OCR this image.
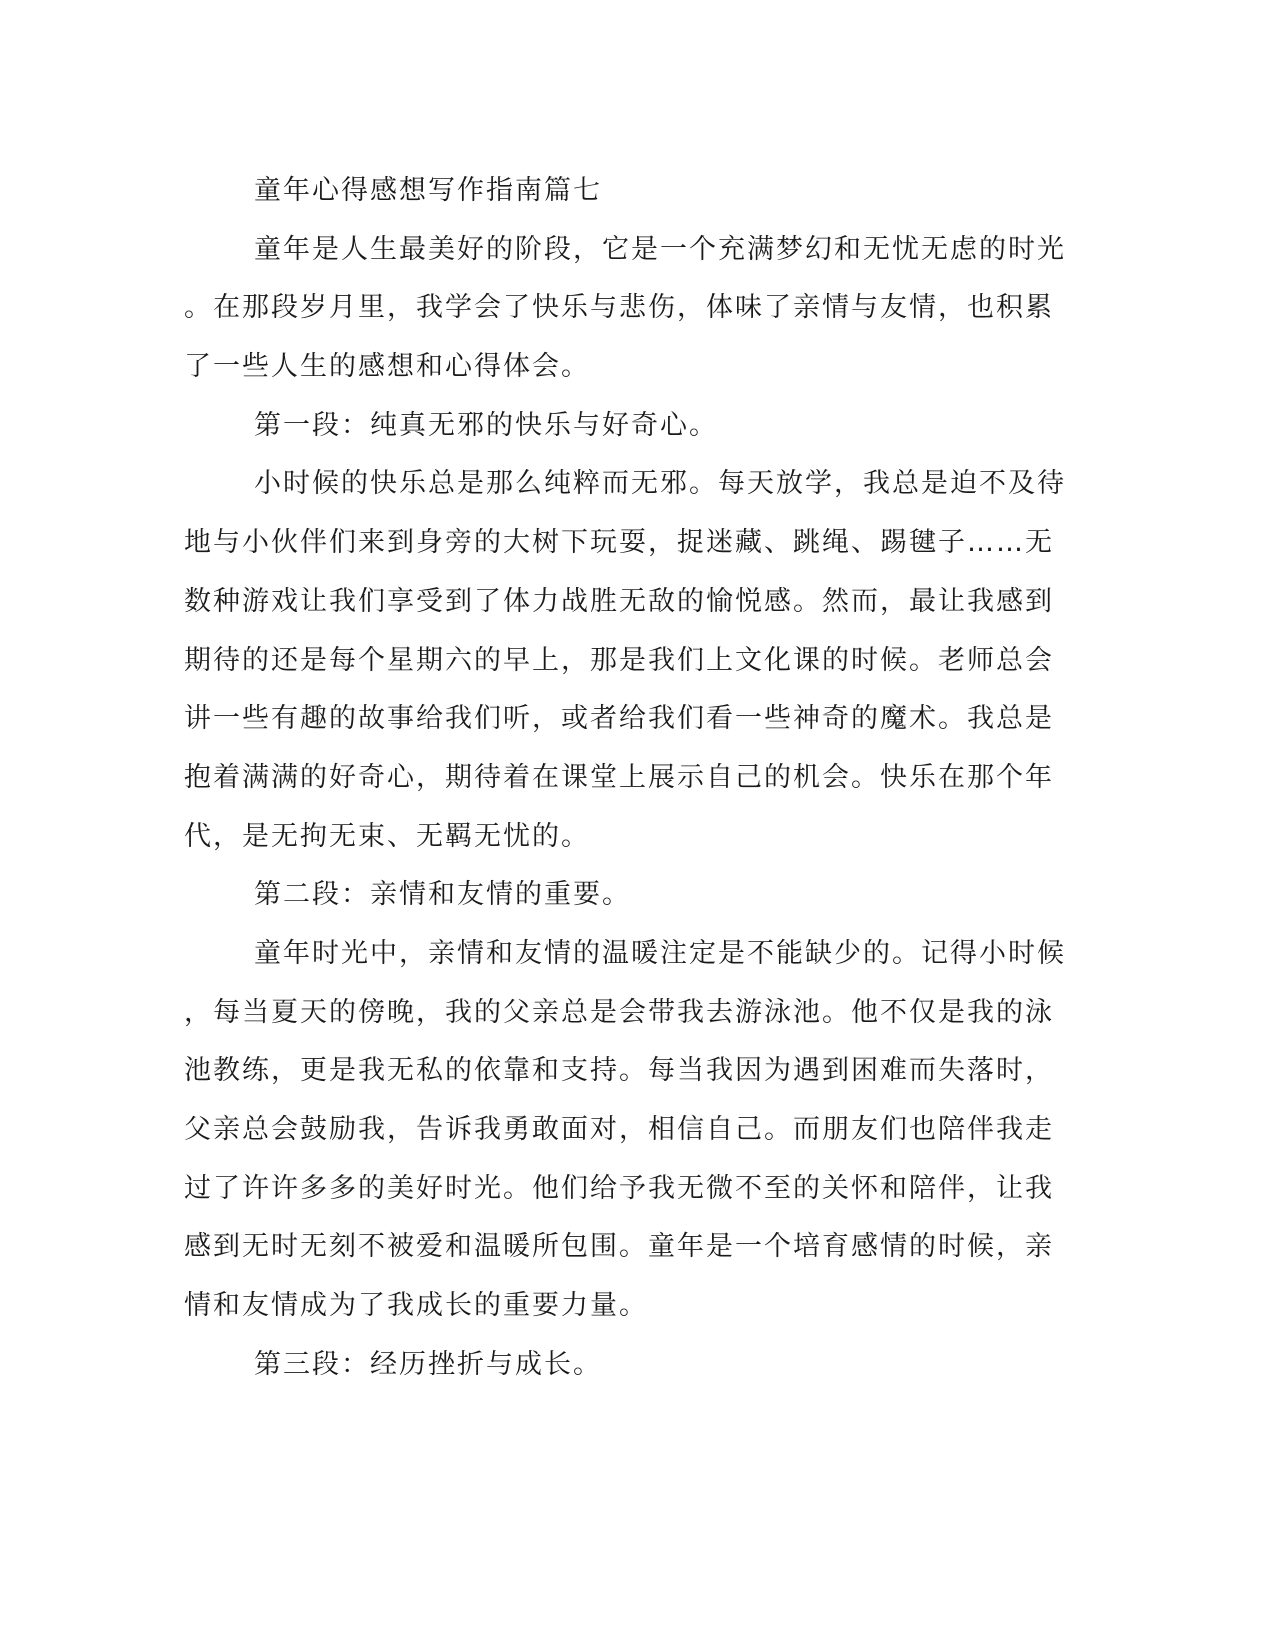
童年心得感想写作指南篇七
童年是人生最美好的阶段，它是一个充满梦幻和无忧无虑的时光
。在那段岁月里，我学会了快乐与悲伤，体味了亲情与友情，也积累
了一些人生的感想和心得体会。
第一段：纯真无邪的快乐与好奇心。
小时候的快乐总是那么纯粹而无邪。每天放学，我总是迫不及待
地与小伙伴们来到身旁的大树下玩耍，捉迷藏、跳绳、踢毽子……无
数种游戏让我们享受到了体力战胜无敌的愉悦感。然而，最让我感到
期待的还是每个星期六的早上，那是我们上文化课的时候。老师总会
讲一些有趣的故事给我们听，或者给我们看一些神奇的魔术。我总是
抱着满满的好奇心，期待着在课堂上展示自己的机会。快乐在那个年
代，是无拘无束、无羁无忧的。
第二段：亲情和友情的重要。
童年时光中，亲情和友情的温暖注定是不能缺少的。记得小时候
，每当夏天的傍晚，我的父亲总是会带我去游泳池。他不仅是我的泳
池教练，更是我无私的依靠和支持。每当我因为遇到困难而失落时，
父亲总会鼓励我，告诉我勇敢面对，相信自己。而朋友们也陪伴我走
过了许许多多的美好时光。他们给予我无微不至的关怀和陪伴，让我
感到无时无刻不被爱和温暖所包围。童年是一个培育感情的时候，亲
情和友情成为了我成长的重要力量。
第三段：经历挫折与成长。
